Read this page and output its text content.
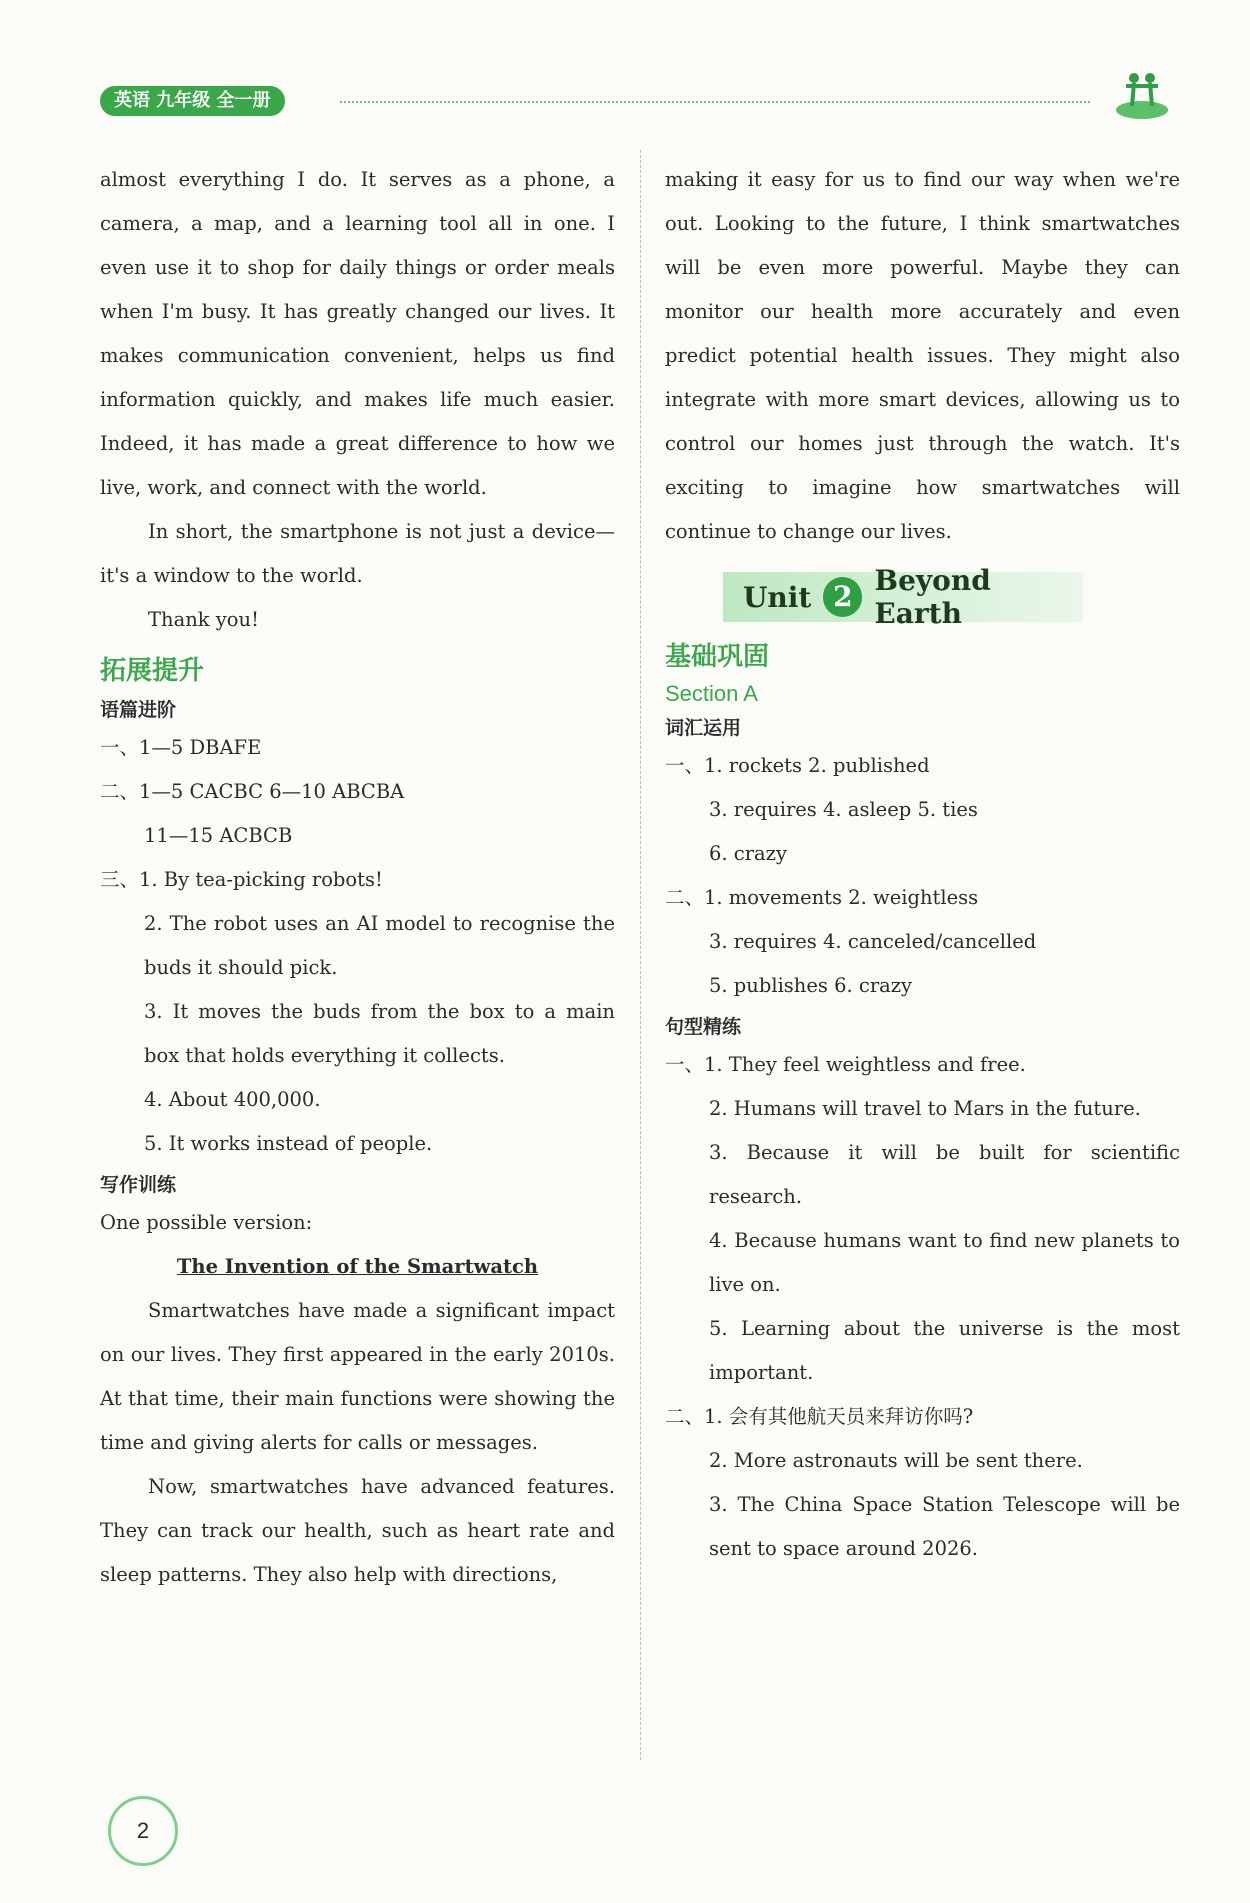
英语 九年级 全一册

almost everything I do. It serves as a phone, a camera, a map, and a learning tool all in one. I even use it to shop for daily things or order meals when I'm busy. It has greatly changed our lives. It makes communication convenient, helps us find information quickly, and makes life much easier. Indeed, it has made a great difference to how we live, work, and connect with the world.

In short, the smartphone is not just a device—it's a window to the world.

Thank you!

拓展提升

语篇进阶

一、1—5 DBAFE

二、1—5 CACBC 6—10 ABCBA

11—15 ACBCB

三、1. By tea-picking robots!

2. The robot uses an AI model to recognise the buds it should pick.

3. It moves the buds from the box to a main box that holds everything it collects.

4. About 400,000.

5. It works instead of people.

写作训练

One possible version:

The Invention of the Smartwatch

Smartwatches have made a significant impact on our lives. They first appeared in the early 2010s. At that time, their main functions were showing the time and giving alerts for calls or messages.

Now, smartwatches have advanced features. They can track our health, such as heart rate and sleep patterns. They also help with directions,

making it easy for us to find our way when we're out. Looking to the future, I think smartwatches will be even more powerful. Maybe they can monitor our health more accurately and even predict potential health issues. They might also integrate with more smart devices, allowing us to control our homes just through the watch. It's exciting to imagine how smartwatches will continue to change our lives.

Unit 2 Beyond Earth

基础巩固

Section A

词汇运用

一、1. rockets 2. published

3. requires 4. asleep 5. ties

6. crazy

二、1. movements 2. weightless

3. requires 4. canceled/cancelled

5. publishes 6. crazy

句型精练

一、1. They feel weightless and free.

2. Humans will travel to Mars in the future.

3. Because it will be built for scientific research.

4. Because humans want to find new planets to live on.

5. Learning about the universe is the most important.

二、1. 会有其他航天员来拜访你吗?

2. More astronauts will be sent there.

3. The China Space Station Telescope will be sent to space around 2026.

2
